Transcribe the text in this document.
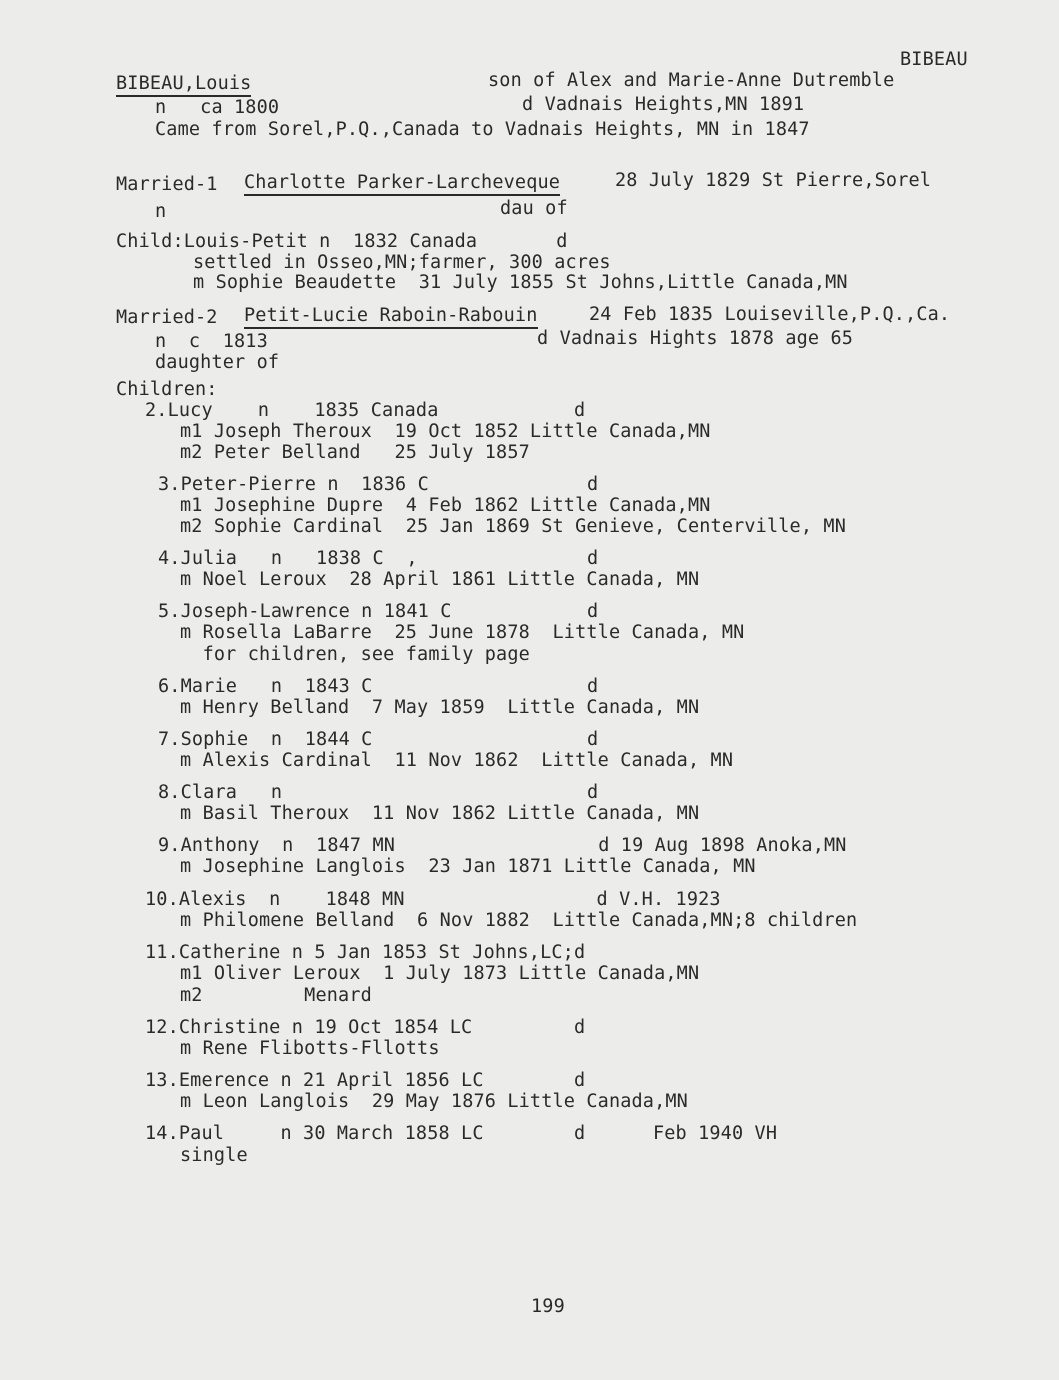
BIBEAU
BIBEAU,Louis	son of Alex and Marie-Anne Dutremble
n   ca 1800	d Vadnais Heights,MN 1891
Came from Sorel,P.Q.,Canada to Vadnais Heights, MN in 1847
Married-1 Charlotte Parker-Larcheveque	28 July 1829 St Pierre,Sorel
n	dau of
Child:Louis-Petit n  1832 Canada       d
settled in Osseo,MN;farmer, 300 acres
m Sophie Beaudette  31 July 1855 St Johns,Little Canada,MN
Married-2 Petit-Lucie Raboin-Rabouin	24 Feb 1835 Louiseville,P.Q.,Ca.
n  c  1813	d Vadnais Hights 1878 age 65
daughter of
Children:
2.Lucy    n    1835 Canada            d
m1 Joseph Theroux  19 Oct 1852 Little Canada,MN
m2 Peter Belland   25 July 1857
3.Peter-Pierre n  1836 C              d
m1 Josephine Dupre  4 Feb 1862 Little Canada,MN
m2 Sophie Cardinal  25 Jan 1869 St Genieve, Centerville, MN
4.Julia   n   1838 C  ,               d
m Noel Leroux  28 April 1861 Little Canada, MN
5.Joseph-Lawrence n 1841 C            d
m Rosella LaBarre  25 June 1878  Little Canada, MN
for children, see family page
6.Marie   n  1843 C                   d
m Henry Belland  7 May 1859  Little Canada, MN
7.Sophie  n  1844 C                   d
m Alexis Cardinal  11 Nov 1862  Little Canada, MN
8.Clara   n                           d
m Basil Theroux  11 Nov 1862 Little Canada, MN
9.Anthony  n  1847 MN                  d 19 Aug 1898 Anoka,MN
m Josephine Langlois  23 Jan 1871 Little Canada, MN
10.Alexis  n    1848 MN                 d V.H. 1923
m Philomene Belland  6 Nov 1882  Little Canada,MN;8 children
11.Catherine n 5 Jan 1853 St Johns,LC;d
m1 Oliver Leroux  1 July 1873 Little Canada,MN
m2         Menard
12.Christine n 19 Oct 1854 LC         d
m Rene Flibotts-Fllotts
13.Emerence n 21 April 1856 LC        d
m Leon Langlois  29 May 1876 Little Canada,MN
14.Paul     n 30 March 1858 LC        d      Feb 1940 VH
single
199
